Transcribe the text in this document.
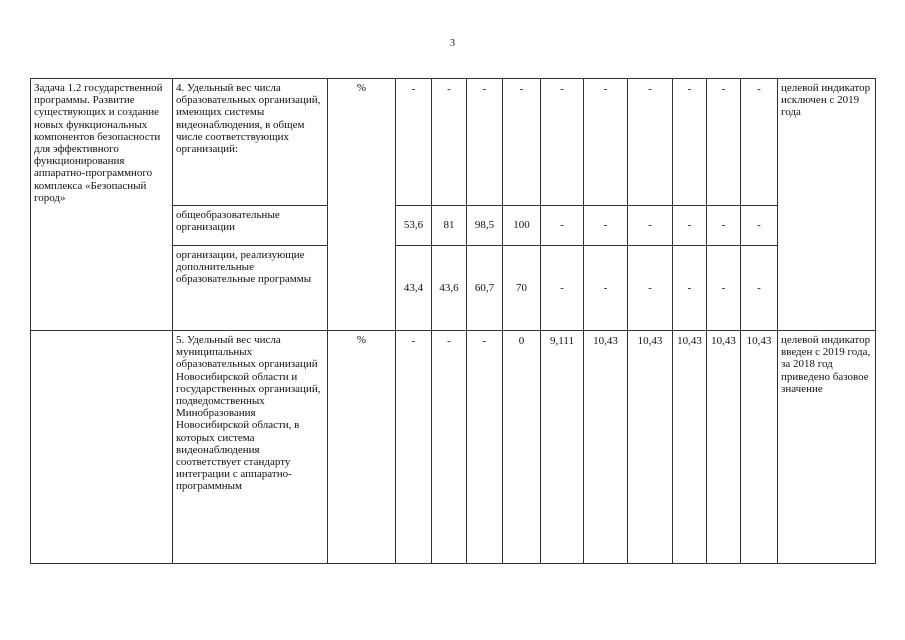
3
Задача 1.2 государственной программы. Развитие существующих и создание новых функциональных компонентов безопасности для эффективного функционирования аппаратно-программного комплекса «Безопасный город»	4. Удельный вес числа образовательных организаций, имеющих системы видеонаблюдения, в общем числе соответствующих организаций:	%	-	-	-	-	-	-	-	-	-	-	целевой индикатор исключен с 2019 года
	общеобразовательные организации		53,6	81	98,5	100	-	-	-	-	-	-	
	организации, реализующие дополнительные образовательные программы		43,4	43,6	60,7	70	-	-	-	-	-	-	
	5. Удельный вес числа муниципальных образовательных организаций Новосибирской области и государственных организаций, подведомственных Минобразования Новосибирской области, в которых система видеонаблюдения соответствует стандарту интеграции с аппаратно-программным	%	-	-	-	0	9,111	10,43	10,43	10,43	10,43	10,43	целевой индикатор введен с 2019 года, за 2018 год приведено базовое значение
